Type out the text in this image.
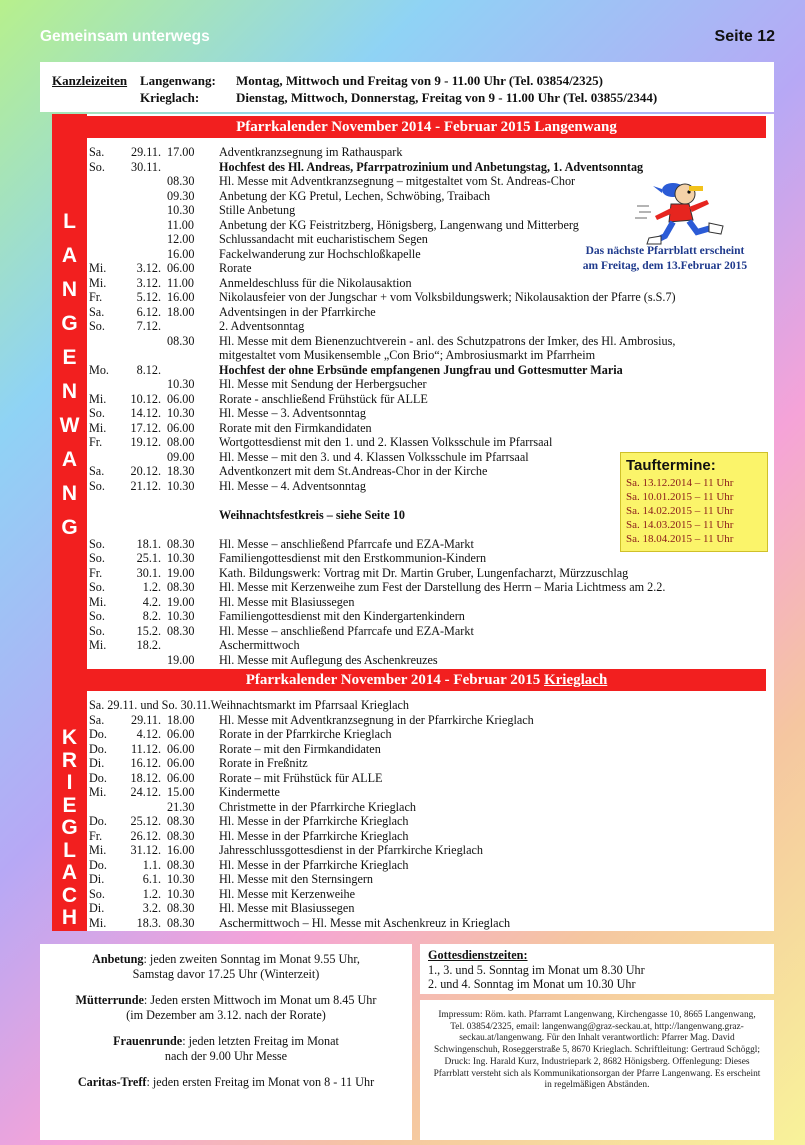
Gemeinsam unterwegs	Seite 12
Kanzleizeiten Langenwang: Montag, Mittwoch und Freitag von 9 - 11.00 Uhr (Tel. 03854/2325)
Krieglach:	Dienstag, Mittwoch, Donnerstag, Freitag von 9 - 11.00 Uhr (Tel. 03855/2344)
L
A
N
G
E
N
W
A
N
G
K
R
I
E
G
L
A
C
H
Pfarrkalender November 2014 - Februar 2015 Langenwang
Sa.	29.11. 17.00	Adventkranzsegnung im Rathauspark
So.	30.11.	Hochfest des Hl. Andreas, Pfarrpatrozinium und Anbetungstag, 1. Adventsonntag
08.30	Hl. Messe mit Adventkranzsegnung – mitgestaltet vom St. Andreas-Chor
09.30	Anbetung der KG Pretul, Lechen, Schwöbing, Traibach
10.30	Stille Anbetung
11.00	Anbetung der KG Feistritzberg, Hönigsberg, Langenwang und Mitterberg
12.00	Schlussandacht mit eucharistischem Segen
16.00	Fackelwanderung zur Hochschloßkapelle
Mi.	3.12. 06.00	Rorate
Mi.	3.12. 11.00	Anmeldeschluss für die Nikolausaktion
Fr.	5.12. 16.00	Nikolausfeier von der Jungschar + vom Volksbildungswerk; Nikolausaktion der Pfarre (s.S.7)
Sa.	6.12. 18.00	Adventsingen in der Pfarrkirche
So.	7.12.	2. Adventsonntag
08.30	Hl. Messe mit dem Bienenzuchtverein - anl. des Schutzpatrons der Imker, des Hl. Ambrosius,
mitgestaltet vom Musikensemble „Con Brio“; Ambrosiusmarkt im Pfarrheim
Mo.	8.12.	Hochfest der ohne Erbsünde empfangenen Jungfrau und Gottesmutter Maria
10.30	Hl. Messe mit Sendung der Herbergsucher
Mi.	10.12. 06.00	Rorate - anschließend Frühstück für ALLE
So.	14.12. 10.30	Hl. Messe – 3. Adventsonntag
Mi.	17.12. 06.00	Rorate mit den Firmkandidaten
Fr.	19.12. 08.00	Wortgottesdienst mit den 1. und 2. Klassen Volksschule im Pfarrsaal
09.00	Hl. Messe – mit den 3. und 4. Klassen Volksschule im Pfarrsaal
Sa.	20.12. 18.30	Adventkonzert mit dem St.Andreas-Chor in der Kirche
So.	21.12. 10.30	Hl. Messe – 4. Adventsonntag
Weihnachtsfestkreis – siehe Seite 10
So.	18.1. 08.30	Hl. Messe – anschließend Pfarrcafe und EZA-Markt
So.	25.1. 10.30	Familiengottesdienst mit den Erstkommunion-Kindern
Fr.	30.1. 19.00	Kath. Bildungswerk: Vortrag mit Dr. Martin Gruber, Lungenfacharzt, Mürzzuschlag
So.	1.2. 08.30	Hl. Messe mit Kerzenweihe zum Fest der Darstellung des Herrn – Maria Lichtmess am 2.2.
Mi.	4.2. 19.00	Hl. Messe mit Blasiussegen
So.	8.2. 10.30	Familiengottesdienst mit den Kindergartenkindern
So.	15.2. 08.30	Hl. Messe – anschließend Pfarrcafe und EZA-Markt
Mi.	18.2.	Aschermittwoch
19.00	Hl. Messe mit Auflegung des Aschenkreuzes
Pfarrkalender November 2014 - Februar 2015 Krieglach
Sa. 29.11. und So. 30.11.Weihnachtsmarkt im Pfarrsaal Krieglach
Sa.	29.11. 18.00	Hl. Messe mit Adventkranzsegnung in der Pfarrkirche Krieglach
Do.	4.12. 06.00	Rorate in der Pfarrkirche Krieglach
Do.	11.12. 06.00	Rorate – mit den Firmkandidaten
Di.	16.12. 06.00	Rorate in Freßnitz
Do.	18.12. 06.00	Rorate – mit Frühstück für ALLE
Mi.	24.12. 15.00	Kindermette
21.30	Christmette in der Pfarrkirche Krieglach
Do.	25.12. 08.30	Hl. Messe in der Pfarrkirche Krieglach
Fr.	26.12. 08.30	Hl. Messe in der Pfarrkirche Krieglach
Mi.	31.12. 16.00	Jahresschlussgottesdienst in der Pfarrkirche Krieglach
Do.	1.1. 08.30	Hl. Messe in der Pfarrkirche Krieglach
Di.	6.1. 10.30	Hl. Messe mit den Sternsingern
So.	1.2. 10.30	Hl. Messe mit Kerzenweihe
Di.	3.2. 08.30	Hl. Messe mit Blasiussegen
Mi.	18.3. 08.30	Aschermittwoch – Hl. Messe mit Aschenkreuz in Krieglach
Das nächste Pfarrblatt erscheint
am Freitag, dem 13.Februar 2015
Tauftermine:
Sa. 13.12.2014 – 11 Uhr
Sa. 10.01.2015 – 11 Uhr
Sa. 14.02.2015 – 11 Uhr
Sa. 14.03.2015 – 11 Uhr
Sa. 18.04.2015 – 11 Uhr

Anbetung: jeden zweiten Sonntag im Monat 9.55 Uhr,
Samstag davor 17.25 Uhr (Winterzeit)

Mütterrunde: Jeden ersten Mittwoch im Monat um 8.45 Uhr
(im Dezember am 3.12. nach der Rorate)

Frauenrunde: jeden letzten Freitag im Monat
nach der 9.00 Uhr Messe

Caritas-Treff: jeden ersten Freitag im Monat von 8 - 11 Uhr

Gottesdienstzeiten:
1., 3. und 5. Sonntag im Monat um 8.30 Uhr
2. und 4. Sonntag im Monat um 10.30 Uhr
Impressum: Röm. kath. Pfarramt Langenwang, Kirchengasse 10, 8665 Langenwang, Tel. 03854/2325, email: langenwang@graz-seckau.at, http://langenwang.graz-seckau.at/langenwang. Für den Inhalt verantwortlich: Pfarrer Mag. David Schwingenschuh, Roseggerstraße 5, 8670 Krieglach. Schriftleitung: Gertraud Schöggl; Druck: Ing. Harald Kurz, Industriepark 2, 8682 Hönigsberg. Offenlegung: Dieses Pfarrblatt versteht sich als Kommunikationsorgan der Pfarre Langenwang. Es erscheint in regelmäßigen Abständen.
